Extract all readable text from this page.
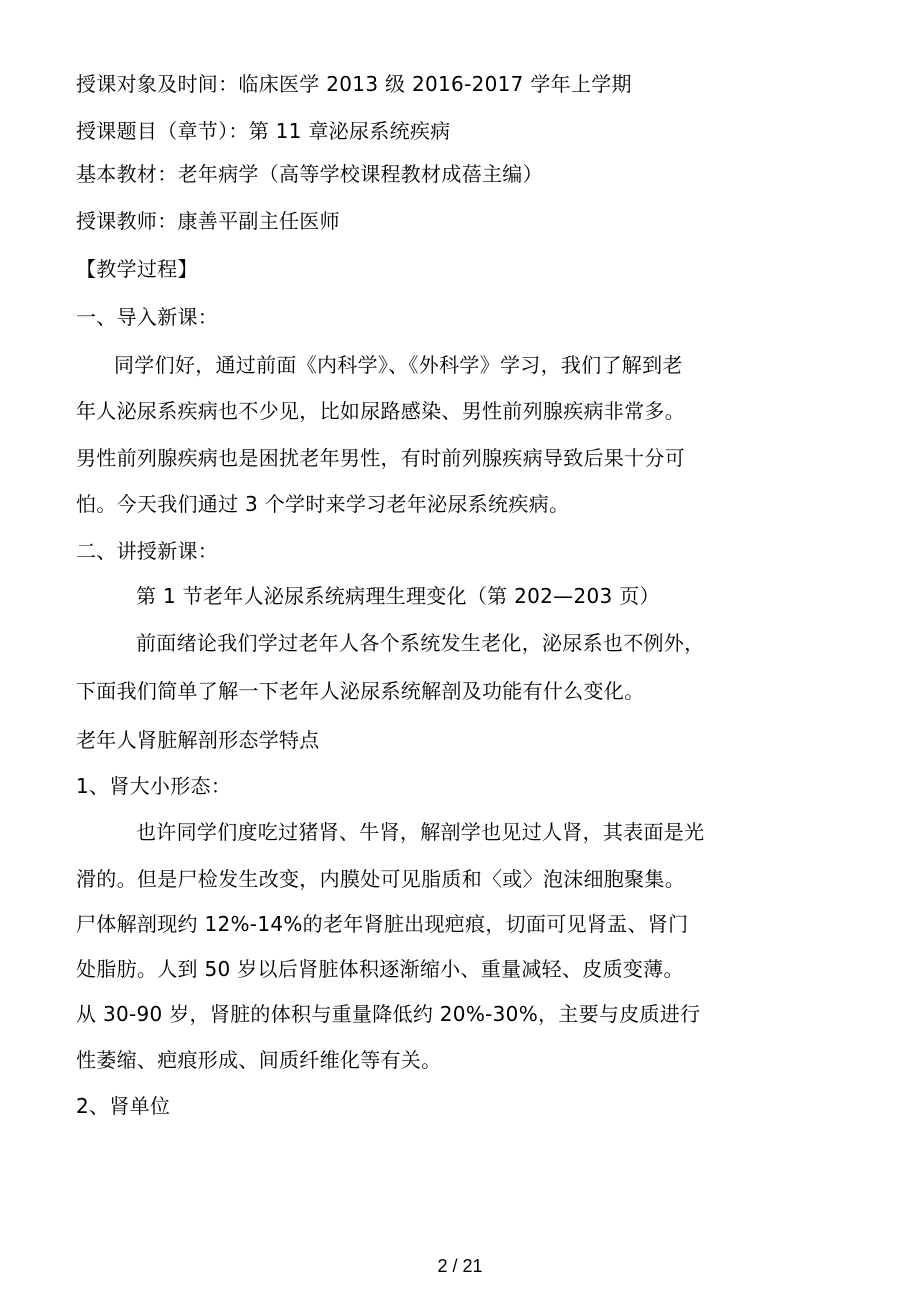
授课对象及时间：临床医学 2013 级 2016-2017 学年上学期
授课题目（章节）：第 11 章泌尿系统疾病
基本教材：老年病学（高等学校课程教材成蓓主编）
授课教师：康善平副主任医师
【教学过程】
一、导入新课：
同学们好，通过前面《内科学》、《外科学》学习，我们了解到老
年人泌尿系疾病也不少见，比如尿路感染、男性前列腺疾病非常多。
男性前列腺疾病也是困扰老年男性，有时前列腺疾病导致后果十分可
怕。今天我们通过 3 个学时来学习老年泌尿系统疾病。
二、讲授新课：
第 1 节老年人泌尿系统病理生理变化（第 202—203 页）
前面绪论我们学过老年人各个系统发生老化，泌尿系也不例外，
下面我们简单了解一下老年人泌尿系统解剖及功能有什么变化。
老年人肾脏解剖形态学特点
1、肾大小形态：
也许同学们度吃过猪肾、牛肾，解剖学也见过人肾，其表面是光
滑的。但是尸检发生改变，内膜处可见脂质和〈或〉泡沫细胞聚集。
尸体解剖现约 12%-14%的老年肾脏出现疤痕，切面可见肾盂、肾门
处脂肪。人到 50 岁以后肾脏体积逐渐缩小、重量减轻、皮质变薄。
从 30-90 岁，肾脏的体积与重量降低约 20%-30%，主要与皮质进行
性萎缩、疤痕形成、间质纤维化等有关。
2、肾单位
2 / 21
